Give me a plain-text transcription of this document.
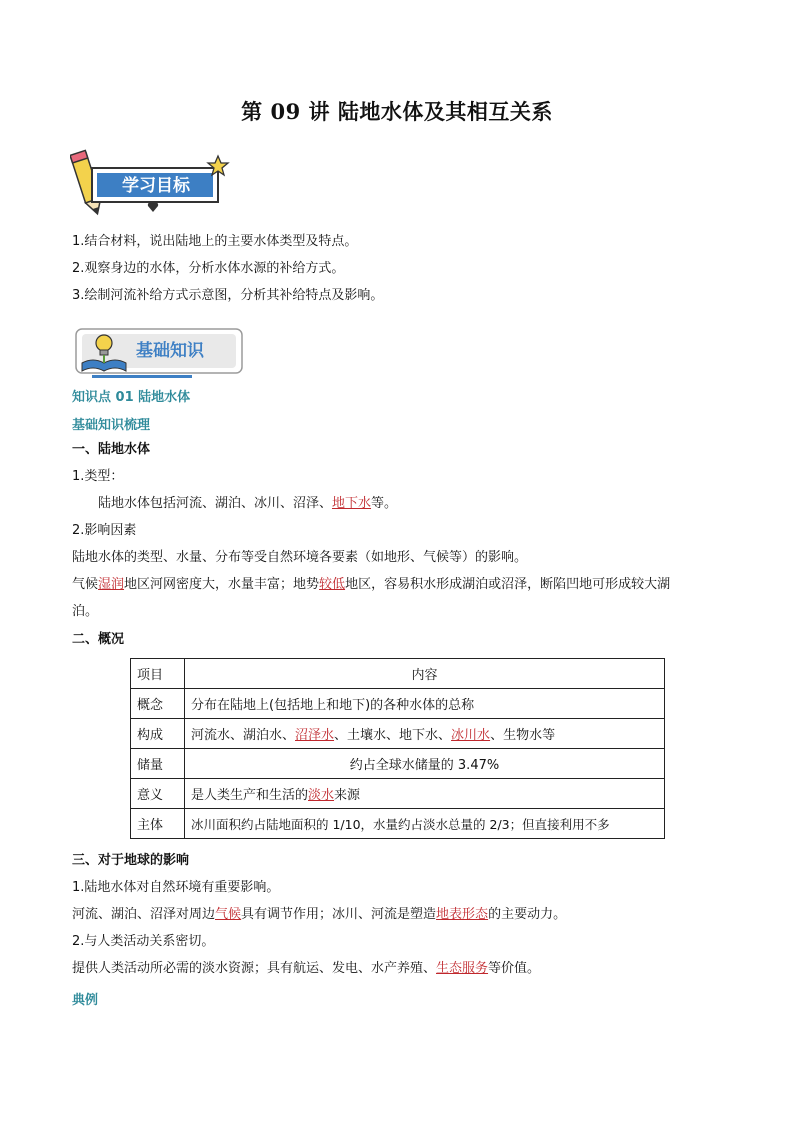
第 09 讲 陆地水体及其相互关系
学习目标
1.结合材料，说出陆地上的主要水体类型及特点。
2.观察身边的水体，分析水体水源的补给方式。
3.绘制河流补给方式示意图，分析其补给特点及影响。
基础知识
知识点 01 陆地水体
基础知识梳理
一、陆地水体
1.类型：
陆地水体包括河流、湖泊、冰川、沼泽、地下水等。
2.影响因素
陆地水体的类型、水量、分布等受自然环境各要素（如地形、气候等）的影响。
气候湿润地区河网密度大，水量丰富；地势较低地区，容易积水形成湖泊或沼泽，断陷凹地可形成较大湖
泊。
二、概况
项目	内容
概念	分布在陆地上(包括地上和地下)的各种水体的总称
构成	河流水、湖泊水、沼泽水、土壤水、地下水、冰川水、生物水等
储量	约占全球水储量的 3.47%
意义	是人类生产和生活的淡水来源
主体	冰川面积约占陆地面积的 1/10，水量约占淡水总量的 2/3；但直接利用不多
三、对于地球的影响
1.陆地水体对自然环境有重要影响。
河流、湖泊、沼泽对周边气候具有调节作用；冰川、河流是塑造地表形态的主要动力。
2.与人类活动关系密切。
提供人类活动所必需的淡水资源；具有航运、发电、水产养殖、生态服务等价值。
典例
